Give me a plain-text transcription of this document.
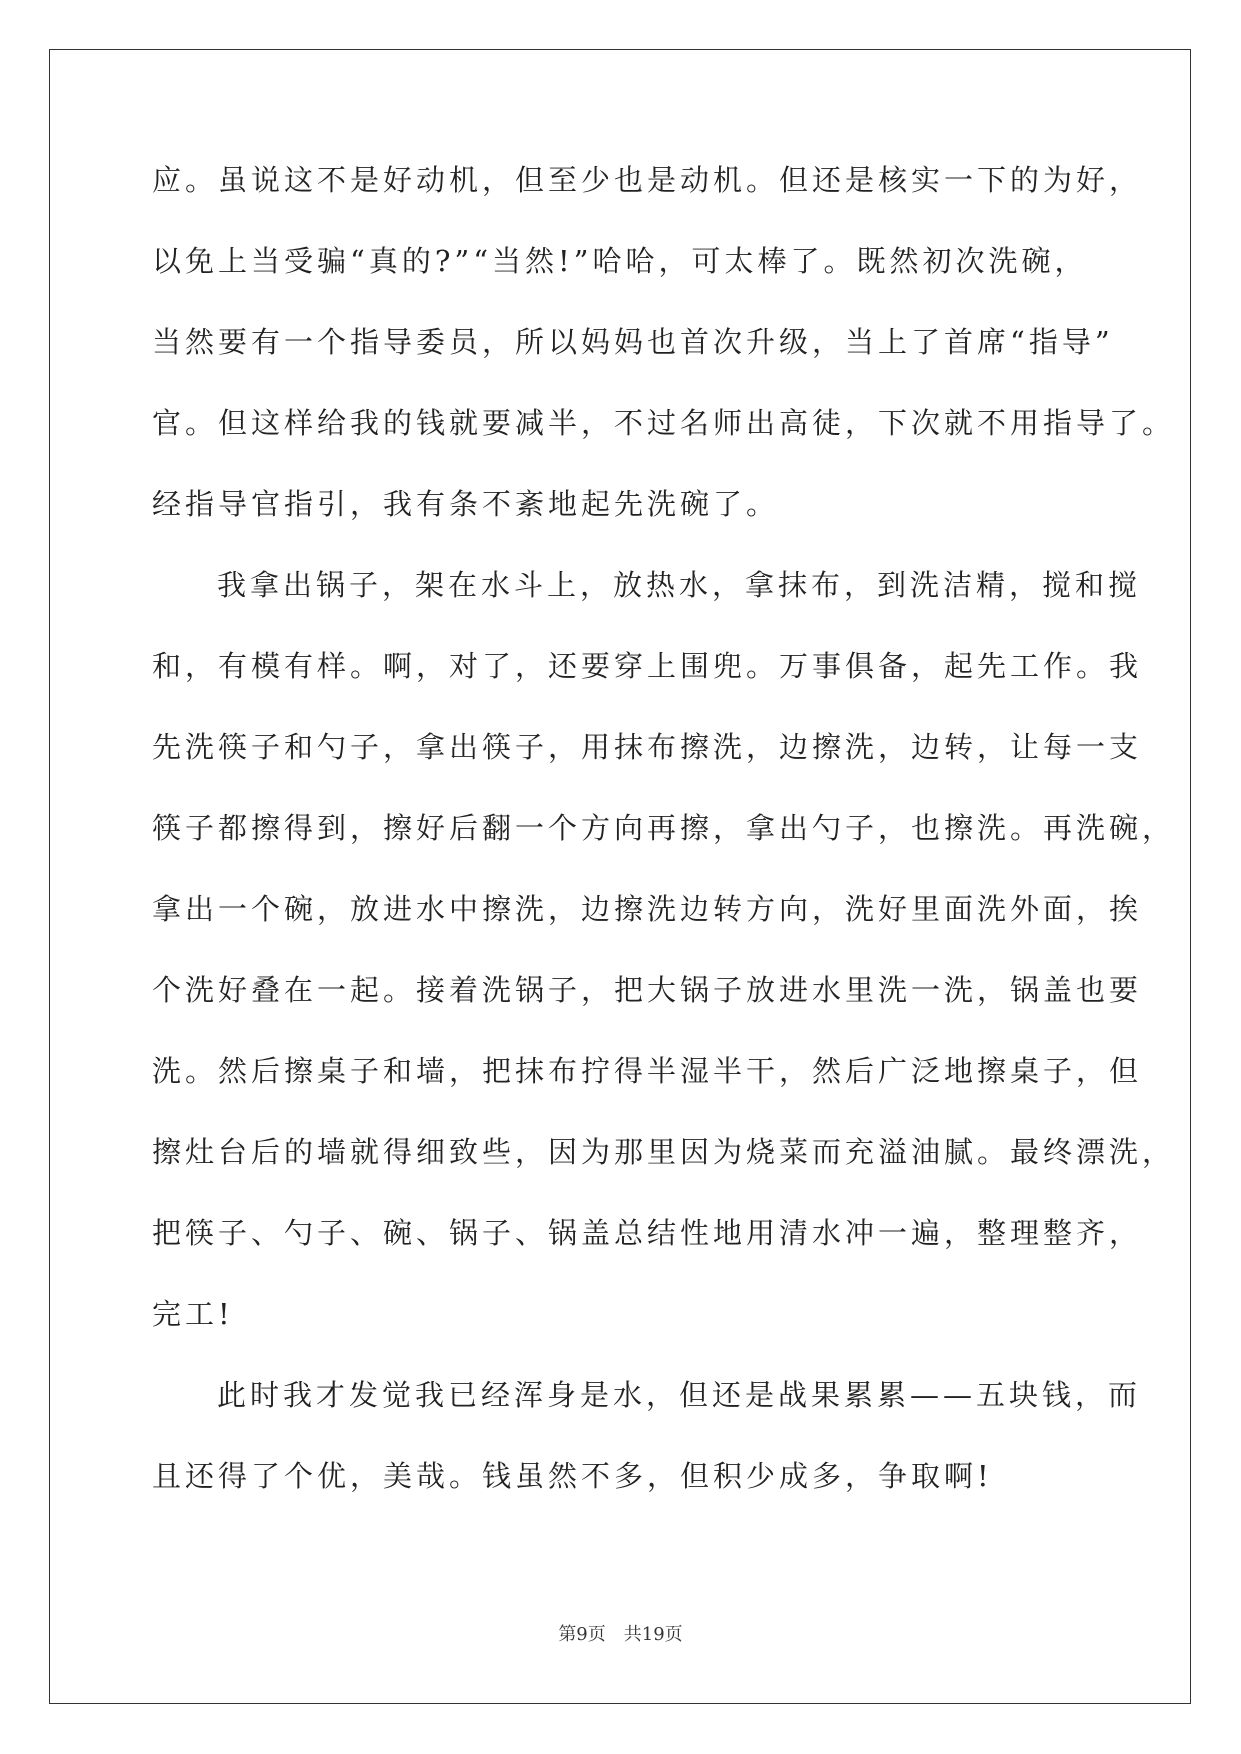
应。虽说这不是好动机，但至少也是动机。但还是核实一下的为好，
以免上当受骗“真的?”“当然!”哈哈，可太棒了。既然初次洗碗，
当然要有一个指导委员，所以妈妈也首次升级，当上了首席“指导”
官。但这样给我的钱就要减半，不过名师出高徒，下次就不用指导了。
经指导官指引，我有条不紊地起先洗碗了。
我拿出锅子，架在水斗上，放热水，拿抹布，到洗洁精，搅和搅
和，有模有样。啊，对了，还要穿上围兜。万事俱备，起先工作。我
先洗筷子和勺子，拿出筷子，用抹布擦洗，边擦洗，边转，让每一支
筷子都擦得到，擦好后翻一个方向再擦，拿出勺子，也擦洗。再洗碗，
拿出一个碗，放进水中擦洗，边擦洗边转方向，洗好里面洗外面，挨
个洗好叠在一起。接着洗锅子，把大锅子放进水里洗一洗，锅盖也要
洗。然后擦桌子和墙，把抹布拧得半湿半干，然后广泛地擦桌子，但
擦灶台后的墙就得细致些，因为那里因为烧菜而充溢油腻。最终漂洗，
把筷子、勺子、碗、锅子、锅盖总结性地用清水冲一遍，整理整齐，
完工!
此时我才发觉我已经浑身是水，但还是战果累累——五块钱，而
且还得了个优，美哉。钱虽然不多，但积少成多，争取啊!
第9页 共19页
